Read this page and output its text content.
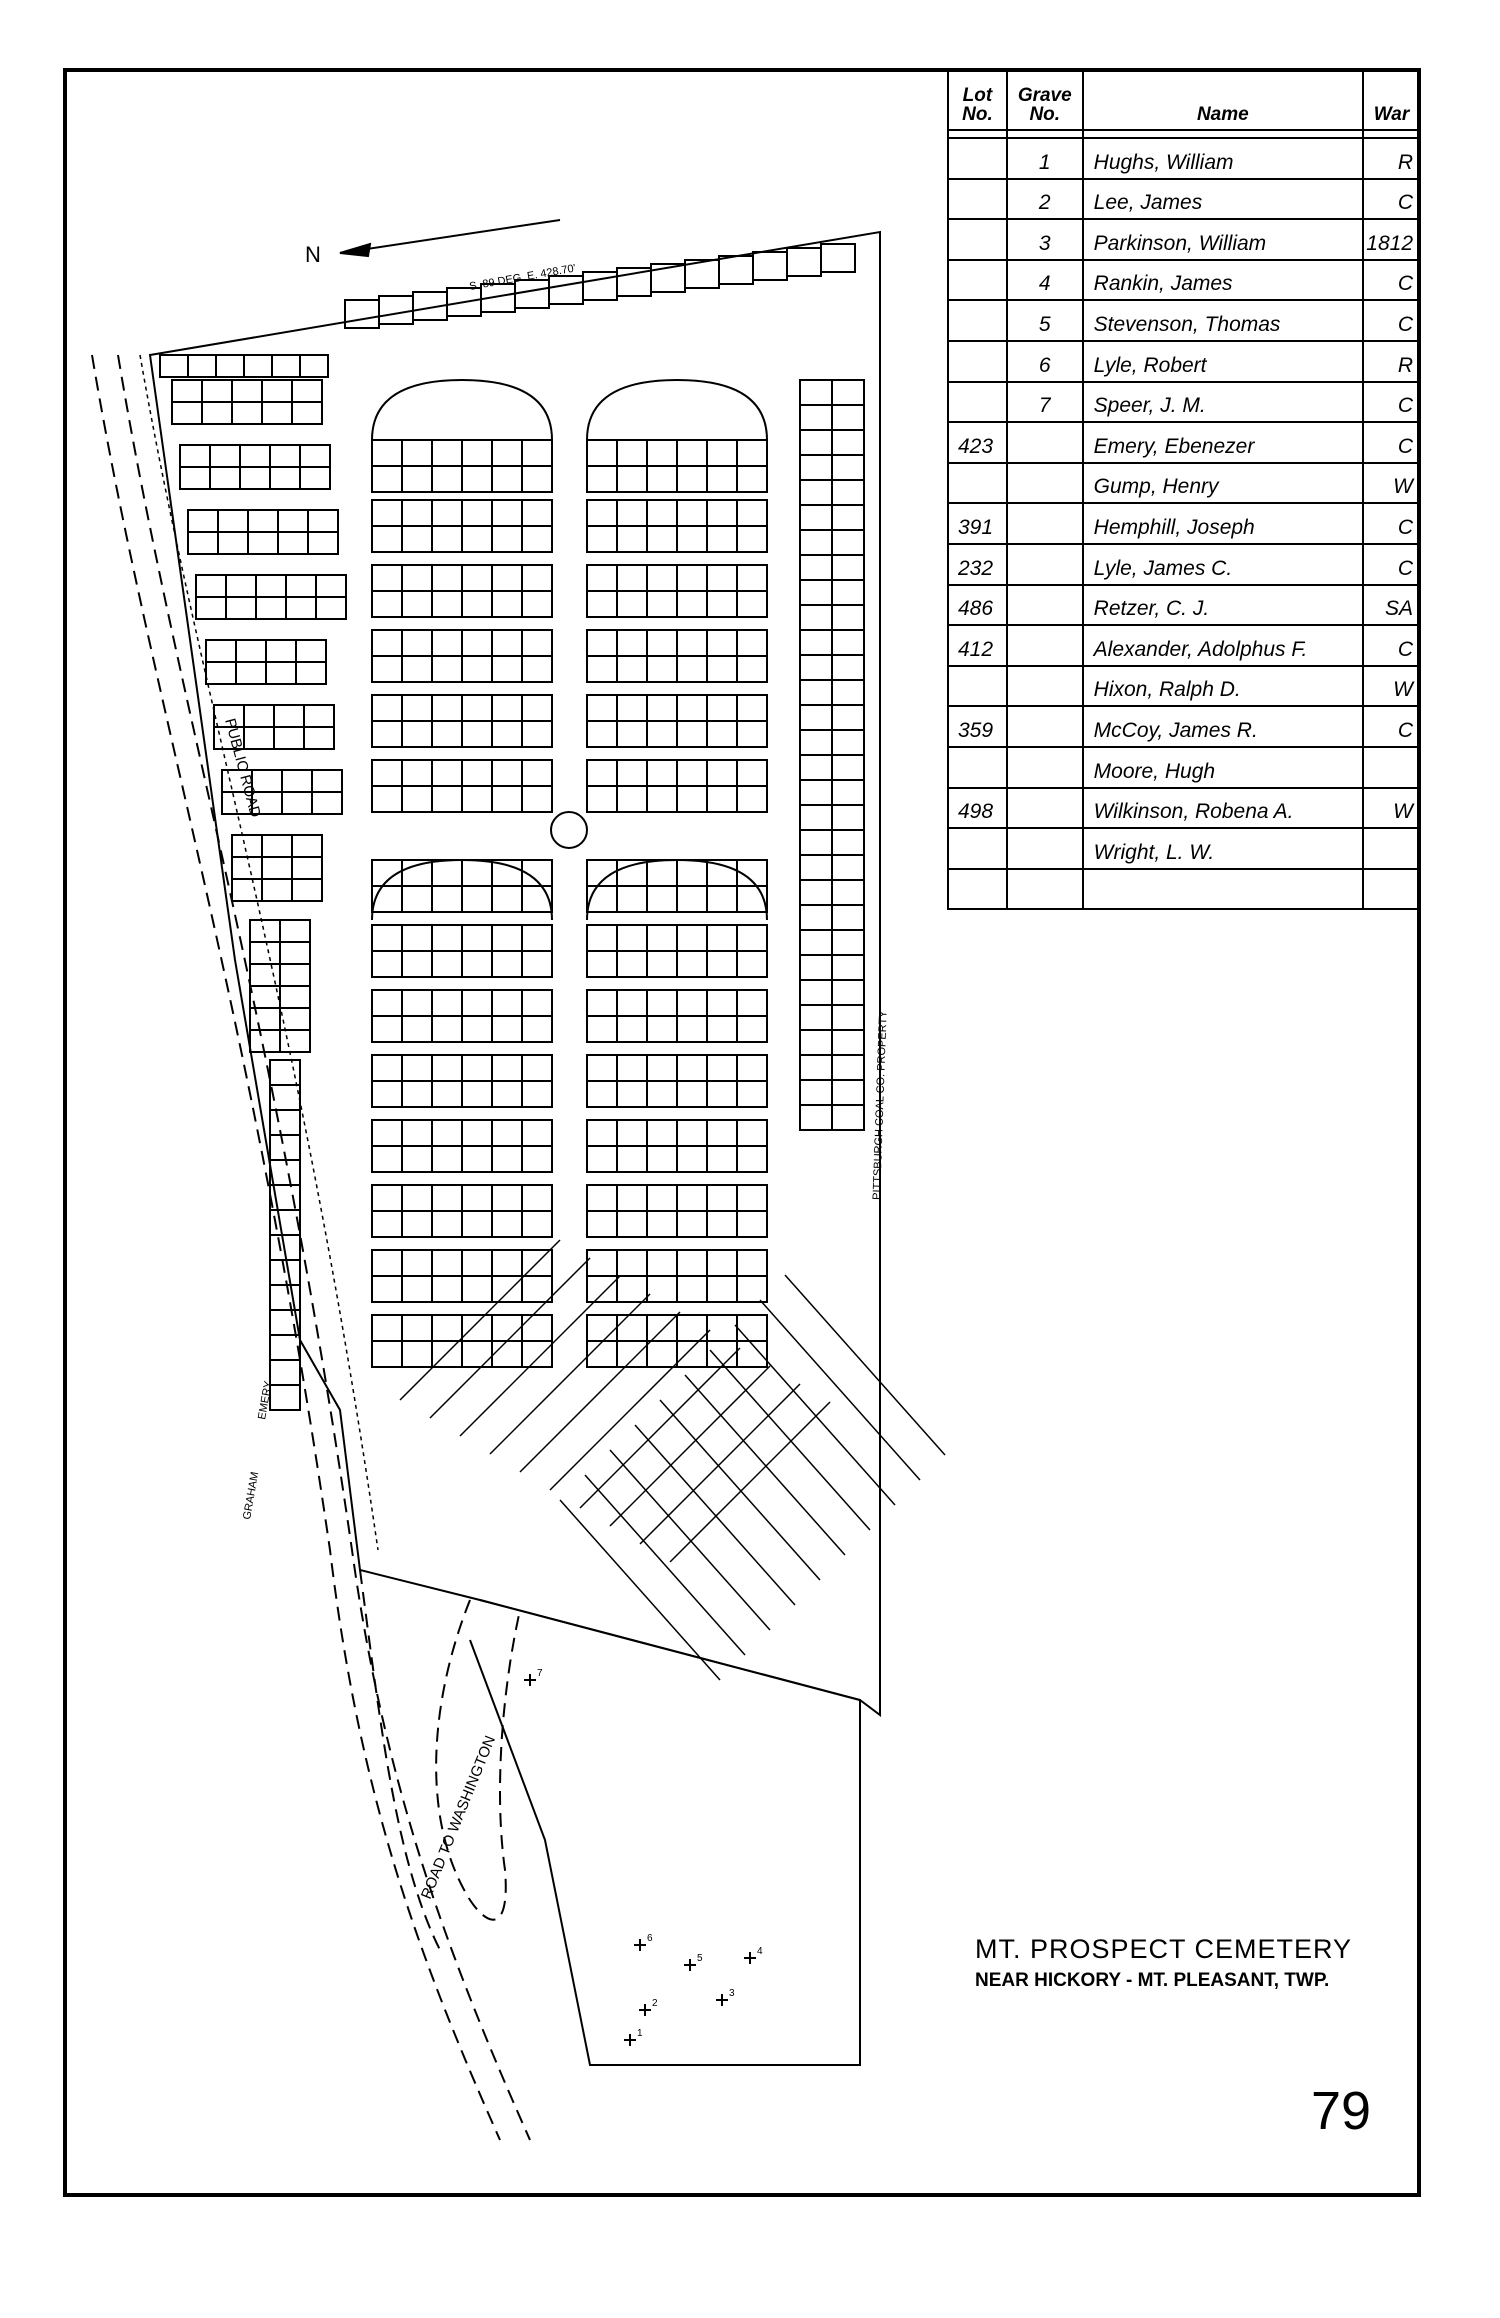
N
PUBLIC ROAD
ROAD TO WASHINGTON
PITTSBURGH COAL CO. PROPERTY
GRAHAM
EMERY
S. 89 DEG. E. 428.70'
1
2
3
4
5
6
7
Lot No.	Grave No.	Name	War

	1	Hughs, William	R
	2	Lee, James	C
	3	Parkinson, William	1812
	4	Rankin, James	C
	5	Stevenson, Thomas	C
	6	Lyle, Robert	R
	7	Speer, J. M.	C
423		Emery, Ebenezer	C
		Gump, Henry	W
391		Hemphill, Joseph	C
232		Lyle, James C.	C
486		Retzer, C. J.	SA
412		Alexander, Adolphus F.	C
		Hixon, Ralph D.	W
359		McCoy, James R.	C
		Moore, Hugh	
498		Wilkinson, Robena A.	W
		Wright, L. W.	

MT. PROSPECT CEMETERY
NEAR HICKORY - MT. PLEASANT, TWP.
79
